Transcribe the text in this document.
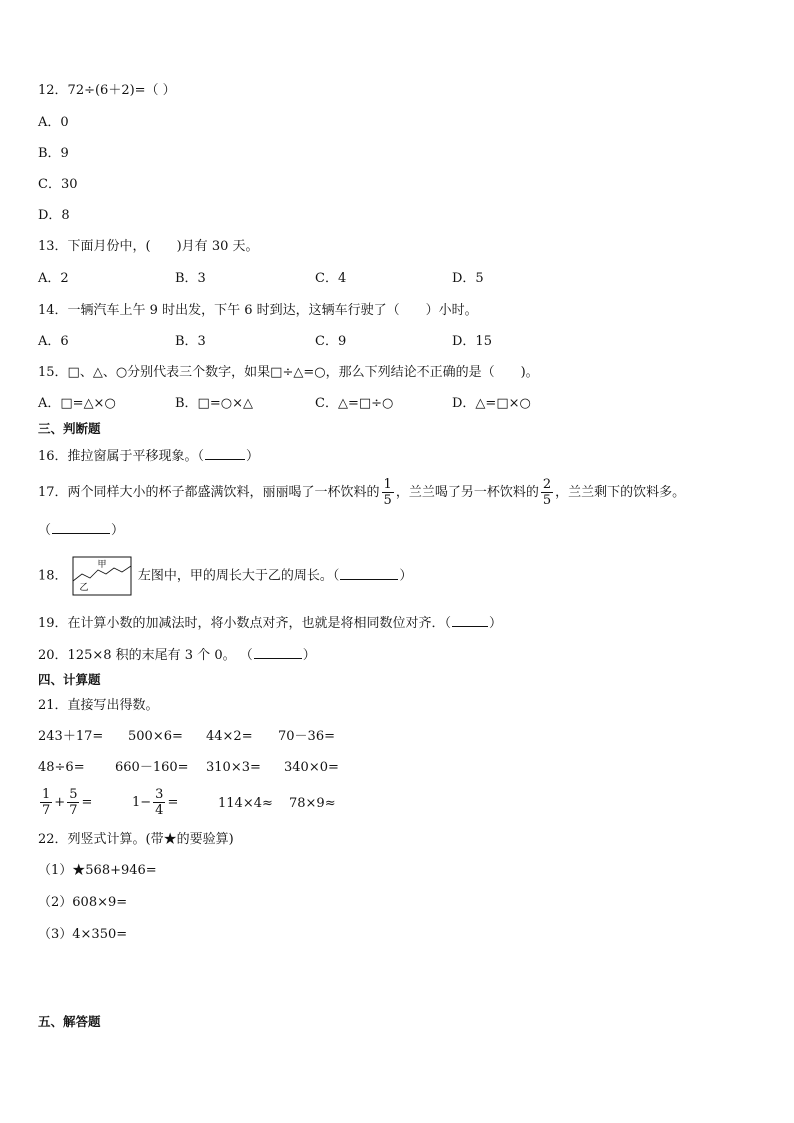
12．72÷(6＋2)=（ ）
A．0
B．9
C．30
D．8
13．下面月份中，(　　)月有 30 天。
A．2	B．3	C．4	D．5
14．一辆汽车上午 9 时出发，下午 6 时到达，这辆车行驶了（　　）小时。
A．6	B．3	C．9	D．15
15．□、△、○分别代表三个数字，如果□÷△=○，那么下列结论不正确的是（　　)。
A．□=△×○	B．□=○×△	C．△=□÷○	D．△=□×○
三、判断题
16．推拉窗属于平移现象。（	）
17．两个同样大小的杯子都盛满饮料，丽丽喝了一杯饮料的 $\frac{1}{5}$ ，兰兰喝了另一杯饮料的 $\frac{2}{5}$ ，兰兰剩下的饮料多。
（	）
18．
甲
乙
左图中，甲的周长大于乙的周长。（	）
19．在计算小数的加减法时，将小数点对齐，也就是将相同数位对齐．（	）
20．125×8 积的末尾有 3 个 0。 （	）
四、计算题
21．直接写出得数。
243＋17= 500×6= 44×2= 70－36=
48÷6= 660－160= 310×3= 340×0=
$\frac{1}{7} + \frac{5}{7}$ =	$1- \frac{3}{4}$ =	114×4≈ 78×9≈
22．列竖式计算。(带★的要验算)
（1）★568+946=
（2）608×9=
（3）4×350=
五、解答题
